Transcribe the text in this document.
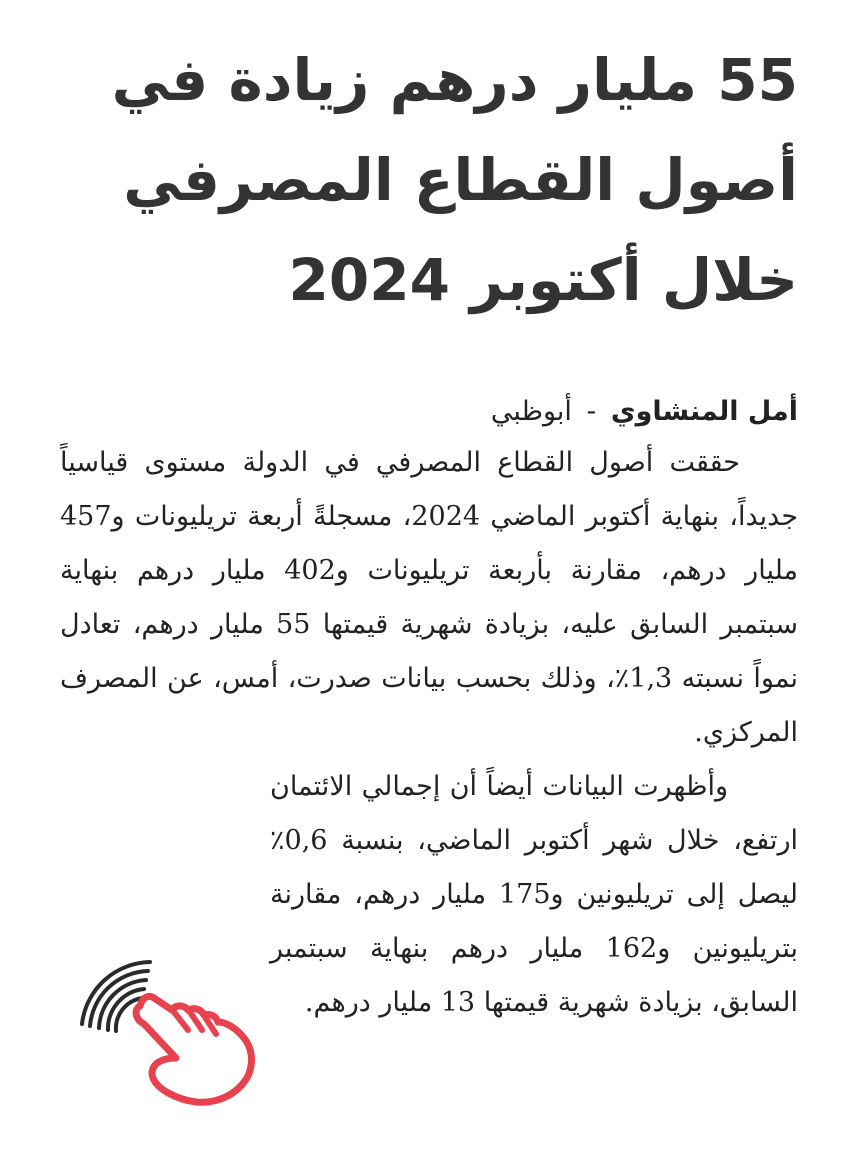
55 مليار درهم زيادة في
أصول القطاع المصرفي
خلال أكتوبر 2024
أمل المنشاوي - أبوظبي

حققت أصول القطاع المصرفي في الدولة مستوى قياسياً جديداً، بنهاية أكتوبر الماضي 2024، مسجلةً أربعة تريليونات و457 مليار درهم، مقارنة بأربعة تريليونات و402 مليار درهم بنهاية سبتمبر السابق عليه، بزيادة شهرية قيمتها 55 مليار درهم، تعادل نمواً نسبته 1,3٪، وذلك بحسب بيانات صدرت، أمس، عن المصرف المركزي.

وأظهرت البيانات أيضاً أن إجمالي الائتمان ارتفع، خلال شهر أكتوبر الماضي، بنسبة 0,6٪ ليصل إلى تريليونين و175 مليار درهم، مقارنة بتريليونين و162 مليار درهم بنهاية سبتمبر السابق، بزيادة شهرية قيمتها 13 مليار درهم.
